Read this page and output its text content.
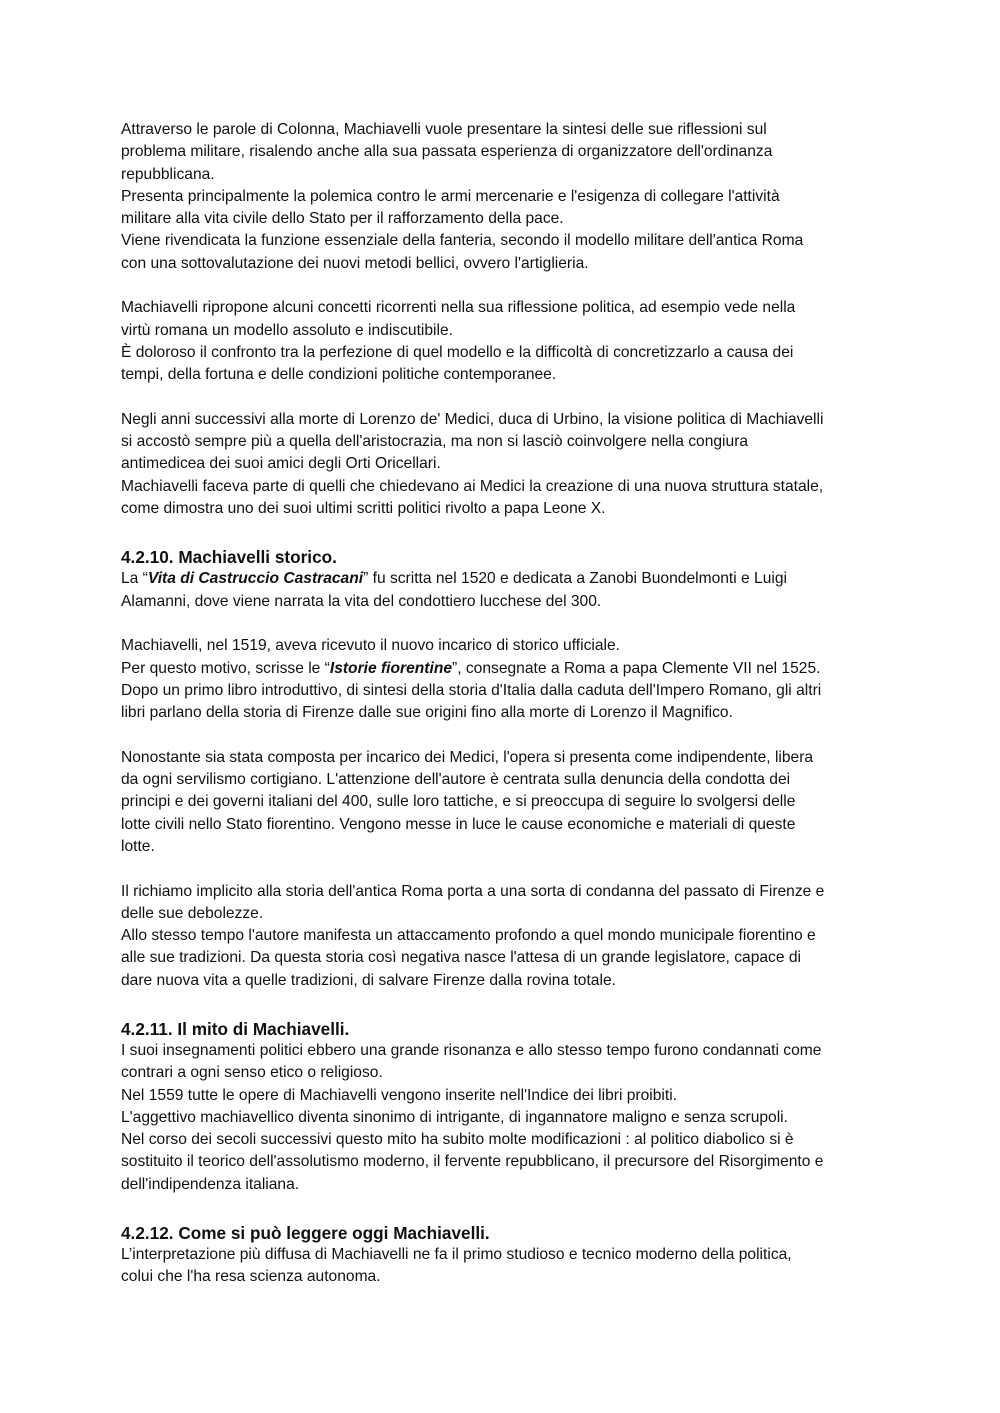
Attraverso le parole di Colonna, Machiavelli vuole presentare la sintesi delle sue riflessioni sul
problema militare, risalendo anche alla sua passata esperienza di organizzatore dell'ordinanza
repubblicana.
Presenta principalmente la polemica contro le armi mercenarie e l'esigenza di collegare l'attività
militare alla vita civile dello Stato per il rafforzamento della pace.
Viene rivendicata la funzione essenziale della fanteria, secondo il modello militare dell'antica Roma
con una sottovalutazione dei nuovi metodi bellici, ovvero l'artiglieria.
Machiavelli ripropone alcuni concetti ricorrenti nella sua riflessione politica, ad esempio vede nella
virtù romana un modello assoluto e indiscutibile.
È doloroso il confronto tra la perfezione di quel modello e la difficoltà di concretizzarlo a causa dei
tempi, della fortuna e delle condizioni politiche contemporanee.
Negli anni successivi alla morte di Lorenzo de' Medici, duca di Urbino, la visione politica di Machiavelli
si accostò sempre più a quella dell'aristocrazia, ma non si lasciò coinvolgere nella congiura
antimedicea dei suoi amici degli Orti Oricellari.
Machiavelli faceva parte di quelli che chiedevano ai Medici la creazione di una nuova struttura statale,
come dimostra uno dei suoi ultimi scritti politici rivolto a papa Leone X.
4.2.10. Machiavelli storico.
La “Vita di Castruccio Castracani” fu scritta nel 1520 e dedicata a Zanobi Buondelmonti e Luigi
Alamanni, dove viene narrata la vita del condottiero lucchese del 300.
Machiavelli, nel 1519, aveva ricevuto il nuovo incarico di storico ufficiale.
Per questo motivo, scrisse le “Istorie fiorentine”, consegnate a Roma a papa Clemente VII nel 1525.
Dopo un primo libro introduttivo, di sintesi della storia d'Italia dalla caduta dell'Impero Romano, gli altri
libri parlano della storia di Firenze dalle sue origini fino alla morte di Lorenzo il Magnifico.
Nonostante sia stata composta per incarico dei Medici, l'opera si presenta come indipendente, libera
da ogni servilismo cortigiano. L'attenzione dell'autore è centrata sulla denuncia della condotta dei
principi e dei governi italiani del 400, sulle loro tattiche, e si preoccupa di seguire lo svolgersi delle
lotte civili nello Stato fiorentino. Vengono messe in luce le cause economiche e materiali di queste
lotte.
Il richiamo implicito alla storia dell'antica Roma porta a una sorta di condanna del passato di Firenze e
delle sue debolezze.
Allo stesso tempo l'autore manifesta un attaccamento profondo a quel mondo municipale fiorentino e
alle sue tradizioni. Da questa storia così negativa nasce l'attesa di un grande legislatore, capace di
dare nuova vita a quelle tradizioni, di salvare Firenze dalla rovina totale.
4.2.11. Il mito di Machiavelli.
I suoi insegnamenti politici ebbero una grande risonanza e allo stesso tempo furono condannati come
contrari a ogni senso etico o religioso.
Nel 1559 tutte le opere di Machiavelli vengono inserite nell'Indice dei libri proibiti.
L'aggettivo machiavellico diventa sinonimo di intrigante, di ingannatore maligno e senza scrupoli.
Nel corso dei secoli successivi questo mito ha subito molte modificazioni : al politico diabolico si è
sostituito il teorico dell'assolutismo moderno, il fervente repubblicano, il precursore del Risorgimento e
dell'indipendenza italiana.
4.2.12. Come si può leggere oggi Machiavelli.
L’interpretazione più diffusa di Machiavelli ne fa il primo studioso e tecnico moderno della politica,
colui che l'ha resa scienza autonoma.
